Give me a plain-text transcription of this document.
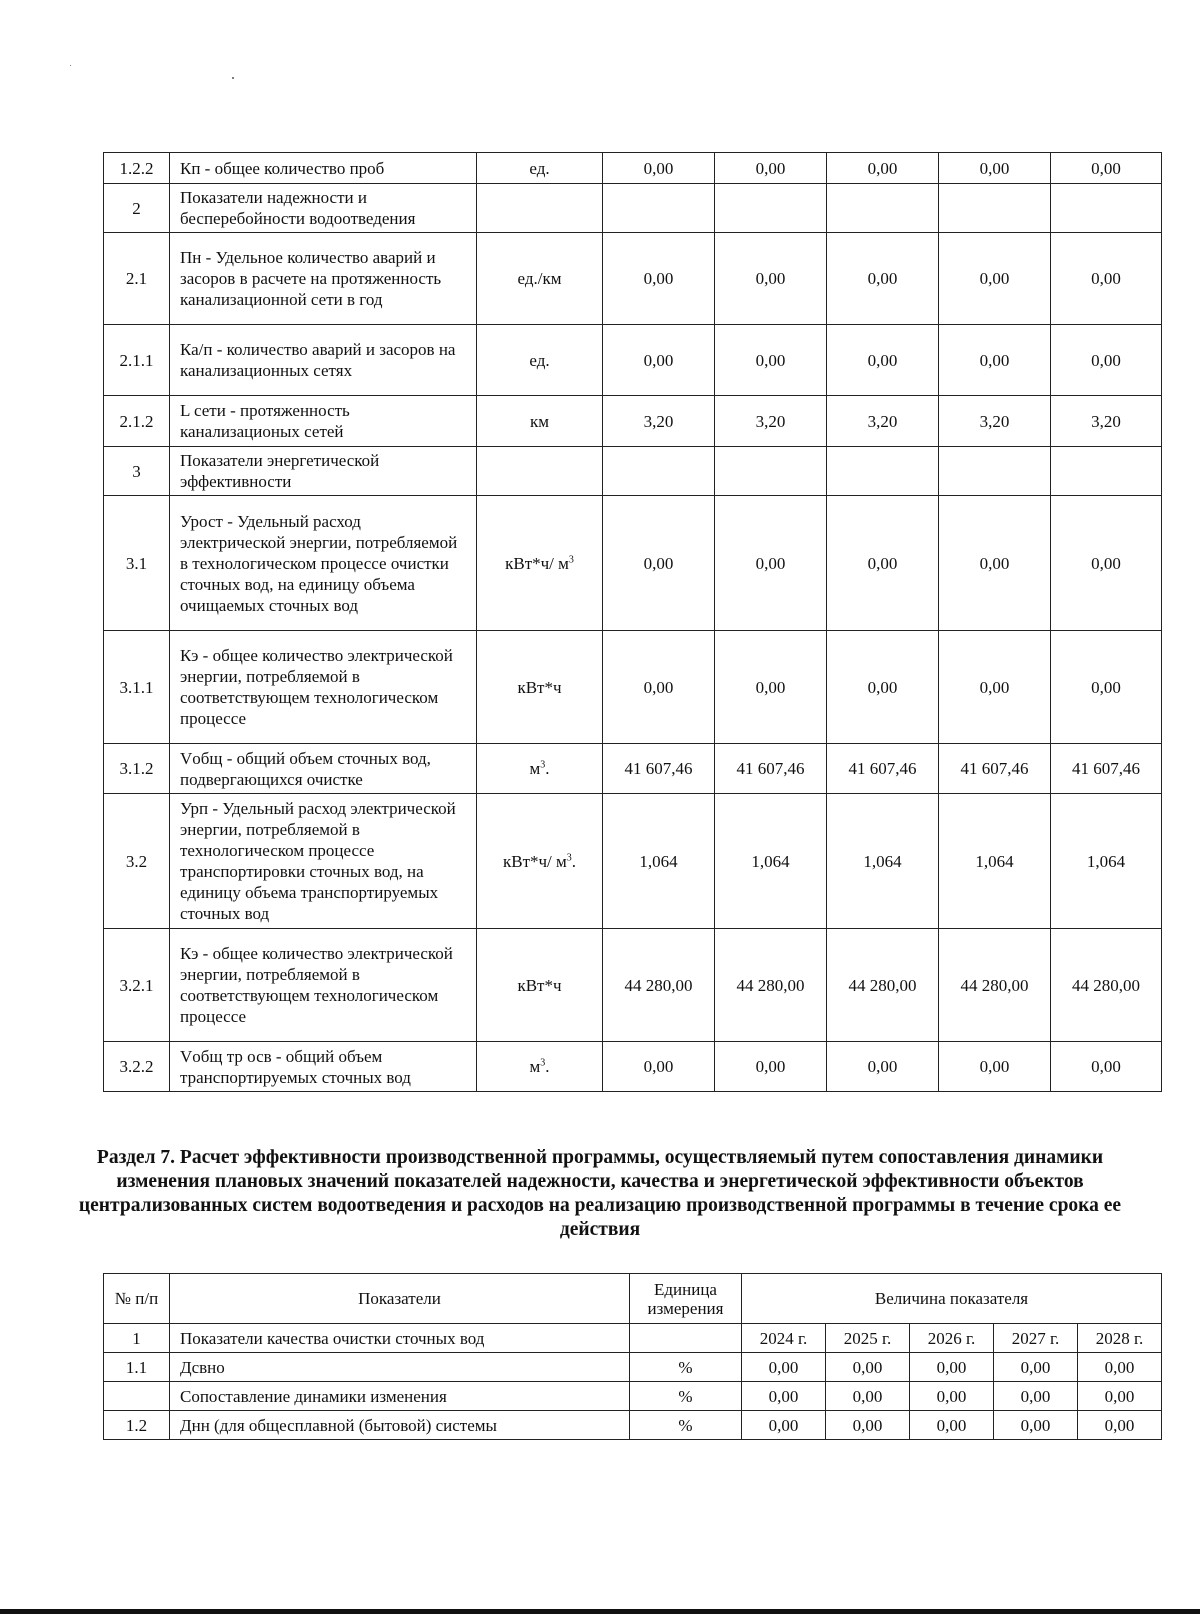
1.2.2	Кп - общее количество проб	ед.	0,00	0,00	0,00	0,00	0,00
2	Показатели надежности и бесперебойности водоотведения						
2.1	Пн - Удельное количество аварий и засоров в расчете на протяженность канализационной сети в год	ед./км	0,00	0,00	0,00	0,00	0,00
2.1.1	Ка/п - количество аварий и засоров на канализационных сетях	ед.	0,00	0,00	0,00	0,00	0,00
2.1.2	L сети - протяженность канализационых сетей	км	3,20	3,20	3,20	3,20	3,20
3	Показатели энергетической эффективности						
3.1	Урост - Удельный расход электрической энергии, потребляемой в технологическом процессе очистки сточных вод, на единицу объема очищаемых сточных вод	кВт*ч/ $м^3$	0,00	0,00	0,00	0,00	0,00
3.1.1	Кэ - общее количество электрической энергии, потребляемой в соответствующем технологическом процессе	кВт*ч	0,00	0,00	0,00	0,00	0,00
3.1.2	Vобщ - общий объем сточных вод, подвергающихся очистке	$м^3$.	41 607,46	41 607,46	41 607,46	41 607,46	41 607,46
3.2	Урп - Удельный расход электрической энергии, потребляемой в технологическом процессе транспортировки сточных вод, на единицу объема транспортируемых сточных вод	кВт*ч/ $м^3$.	1,064	1,064	1,064	1,064	1,064
3.2.1	Кэ - общее количество электрической энергии, потребляемой в соответствующем технологическом процессе	кВт*ч	44 280,00	44 280,00	44 280,00	44 280,00	44 280,00
3.2.2	Vобщ тр осв - общий объем транспортируемых сточных вод	$м^3$.	0,00	0,00	0,00	0,00	0,00
Раздел 7. Расчет эффективности производственной программы, осуществляемый путем сопоставления динамики изменения плановых значений показателей надежности, качества и энергетической эффективности объектов централизованных систем водоотведения и расходов на реализацию производственной программы в течение срока ее действия
№ п/п	Показатели	Единица измерения	Величина показателя				
1	Показатели качества очистки сточных вод		2024 г.	2025 г.	2026 г.	2027 г.	2028 г.
1.1	Дсвно	%	0,00	0,00	0,00	0,00	0,00
	Сопоставление динамики изменения	%	0,00	0,00	0,00	0,00	0,00
1.2	Днн (для общесплавной (бытовой) системы	%	0,00	0,00	0,00	0,00	0,00
